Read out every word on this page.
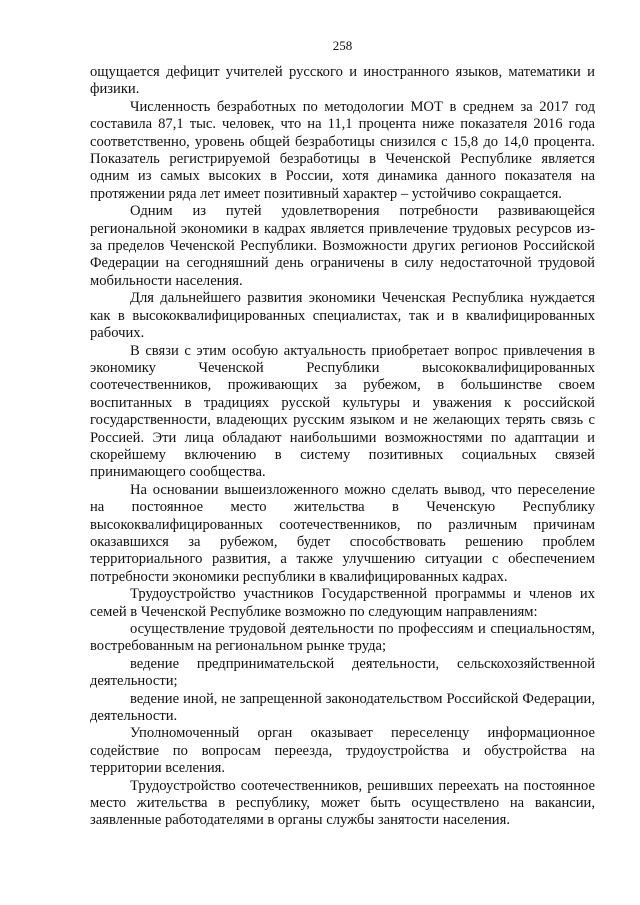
258

ощущается дефицит учителей русского и иностранного языков, математики и физики.

Численность безработных по методологии МОТ в среднем за 2017 год составила 87,1 тыс. человек, что на 11,1 процента ниже показателя 2016 года соответственно, уровень общей безработицы снизился с 15,8 до 14,0 процента. Показатель регистрируемой безработицы в Чеченской Республике является одним из самых высоких в России, хотя динамика данного показателя на протяжении ряда лет имеет позитивный характер – устойчиво сокращается.

Одним из путей удовлетворения потребности развивающейся региональной экономики в кадрах является привлечение трудовых ресурсов из-за пределов Чеченской Республики. Возможности других регионов Российской Федерации на сегодняшний день ограничены в силу недостаточной трудовой мобильности населения.

Для дальнейшего развития экономики Чеченская Республика нуждается как в высококвалифицированных специалистах, так и в квалифицированных рабочих.

В связи с этим особую актуальность приобретает вопрос привлечения в экономику Чеченской Республики высококвалифицированных соотечественников, проживающих за рубежом, в большинстве своем воспитанных в традициях русской культуры и уважения к российской государственности, владеющих русским языком и не желающих терять связь с Россией. Эти лица обладают наибольшими возможностями по адаптации и скорейшему включению в систему позитивных социальных связей принимающего сообщества.

На основании вышеизложенного можно сделать вывод, что переселение на постоянное место жительства в Чеченскую Республику высококвалифицированных соотечественников, по различным причинам оказавшихся за рубежом, будет способствовать решению проблем территориального развития, а также улучшению ситуации с обеспечением потребности экономики республики в квалифицированных кадрах.

Трудоустройство участников Государственной программы и членов их семей в Чеченской Республике возможно по следующим направлениям:

осуществление трудовой деятельности по профессиям и специальностям, востребованным на региональном рынке труда;

ведение предпринимательской деятельности, сельскохозяйственной деятельности;

ведение иной, не запрещенной законодательством Российской Федерации, деятельности.

Уполномоченный орган оказывает переселенцу информационное содействие по вопросам переезда, трудоустройства и обустройства на территории вселения.

Трудоустройство соотечественников, решивших переехать на постоянное место жительства в республику, может быть осуществлено на вакансии, заявленные работодателями в органы службы занятости населения.
